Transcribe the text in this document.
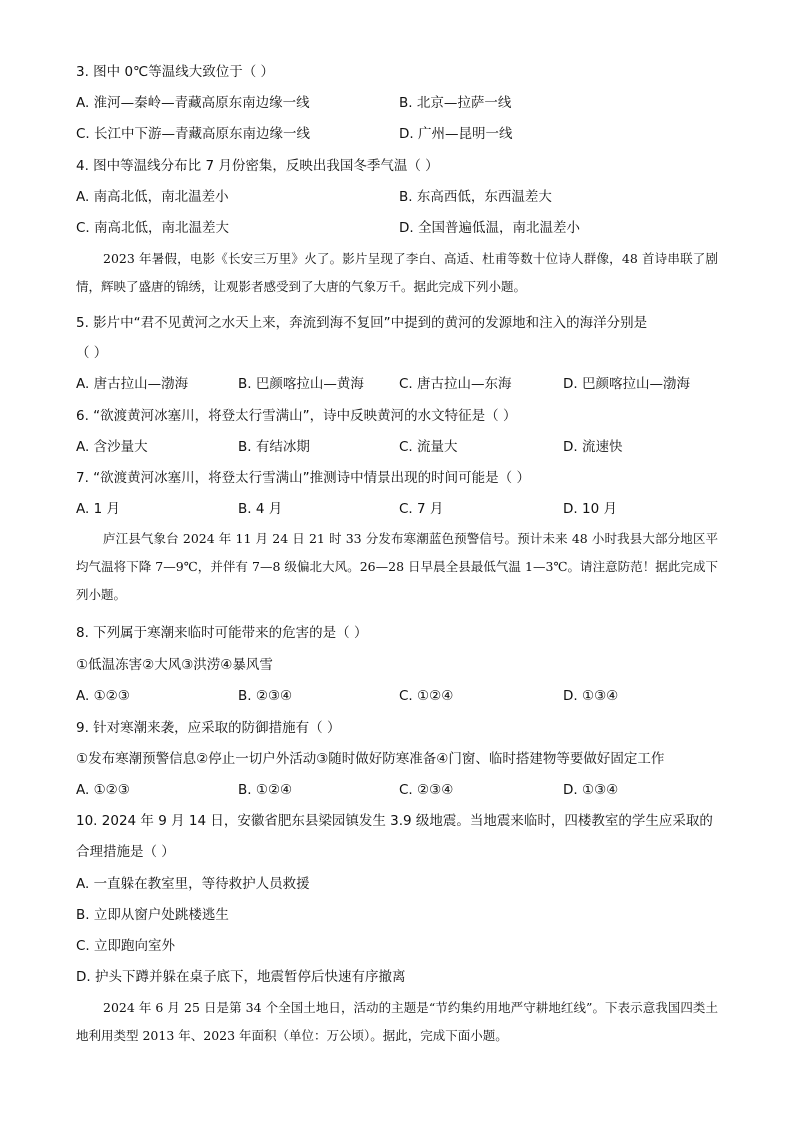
3. 图中 0℃等温线大致位于（ ）
A. 淮河—秦岭—青藏高原东南边缘一线	B. 北京—拉萨一线
C. 长江中下游—青藏高原东南边缘一线	D. 广州—昆明一线
4. 图中等温线分布比 7 月份密集，反映出我国冬季气温（ ）
A. 南高北低，南北温差小	B. 东高西低，东西温差大
C. 南高北低，南北温差大	D. 全国普遍低温，南北温差小

2023 年暑假，电影《长安三万里》火了。影片呈现了李白、高适、杜甫等数十位诗人群像，48 首诗串联了剧情，辉映了盛唐的锦绣，让观影者感受到了大唐的气象万千。据此完成下列小题。

5. 影片中“君不见黄河之水天上来，奔流到海不复回”中提到的黄河的发源地和注入的海洋分别是
（ ）
A. 唐古拉山—渤海	B. 巴颜喀拉山—黄海	C. 唐古拉山—东海	D. 巴颜喀拉山—渤海
6. “欲渡黄河冰塞川，将登太行雪满山”，诗中反映黄河的水文特征是（ ）
A. 含沙量大	B. 有结冰期	C. 流量大	D. 流速快
7. “欲渡黄河冰塞川，将登太行雪满山”推测诗中情景出现的时间可能是（ ）
A. 1 月	B. 4 月	C. 7 月	D. 10 月

庐江县气象台 2024 年 11 月 24 日 21 时 33 分发布寒潮蓝色预警信号。预计未来 48 小时我县大部分地区平均气温将下降 7—9℃，并伴有 7—8 级偏北大风。26—28 日早晨全县最低气温 1—3℃。请注意防范！据此完成下列小题。

8. 下列属于寒潮来临时可能带来的危害的是（ ）
①低温冻害②大风③洪涝④暴风雪
A. ①②③	B. ②③④	C. ①②④	D. ①③④
9. 针对寒潮来袭，应采取的防御措施有（ ）
①发布寒潮预警信息②停止一切户外活动③随时做好防寒准备④门窗、临时搭建物等要做好固定工作
A. ①②③	B. ①②④	C. ②③④	D. ①③④
10. 2024 年 9 月 14 日，安徽省肥东县梁园镇发生 3.9 级地震。当地震来临时，四楼教室的学生应采取的
合理措施是（ ）
A. 一直躲在教室里，等待救护人员救援
B. 立即从窗户处跳楼逃生
C. 立即跑向室外
D. 护头下蹲并躲在桌子底下，地震暂停后快速有序撤离

2024 年 6 月 25 日是第 34 个全国土地日，活动的主题是“节约集约用地严守耕地红线”。下表示意我国四类土地利用类型 2013 年、2023 年面积（单位：万公顷）。据此，完成下面小题。
